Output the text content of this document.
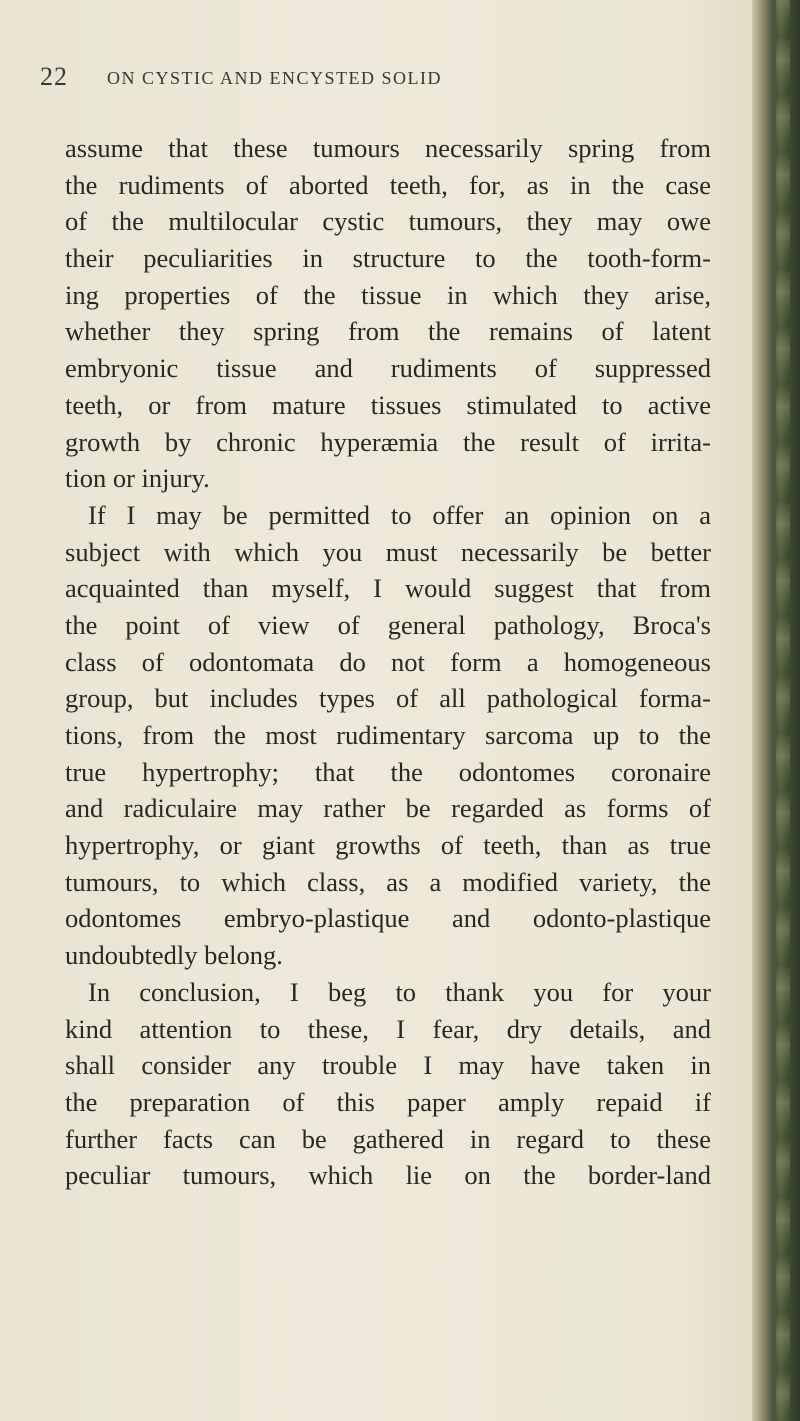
22 ON CYSTIC AND ENCYSTED SOLID
assume that these tumours necessarily spring from
the rudiments of aborted teeth, for, as in the case
of the multilocular cystic tumours, they may owe
their peculiarities in structure to the tooth-form-
ing properties of the tissue in which they arise,
whether they spring from the remains of latent
embryonic tissue and rudiments of suppressed
teeth, or from mature tissues stimulated to active
growth by chronic hyperæmia the result of irrita-
tion or injury.
If I may be permitted to offer an opinion on a
subject with which you must necessarily be better
acquainted than myself, I would suggest that from
the point of view of general pathology, Broca's
class of odontomata do not form a homogeneous
group, but includes types of all pathological forma-
tions, from the most rudimentary sarcoma up to the
true hypertrophy; that the odontomes coronaire
and radiculaire may rather be regarded as forms of
hypertrophy, or giant growths of teeth, than as true
tumours, to which class, as a modified variety, the
odontomes embryo-plastique and odonto-plastique
undoubtedly belong.
In conclusion, I beg to thank you for your
kind attention to these, I fear, dry details, and
shall consider any trouble I may have taken in
the preparation of this paper amply repaid if
further facts can be gathered in regard to these
peculiar tumours, which lie on the border-land
